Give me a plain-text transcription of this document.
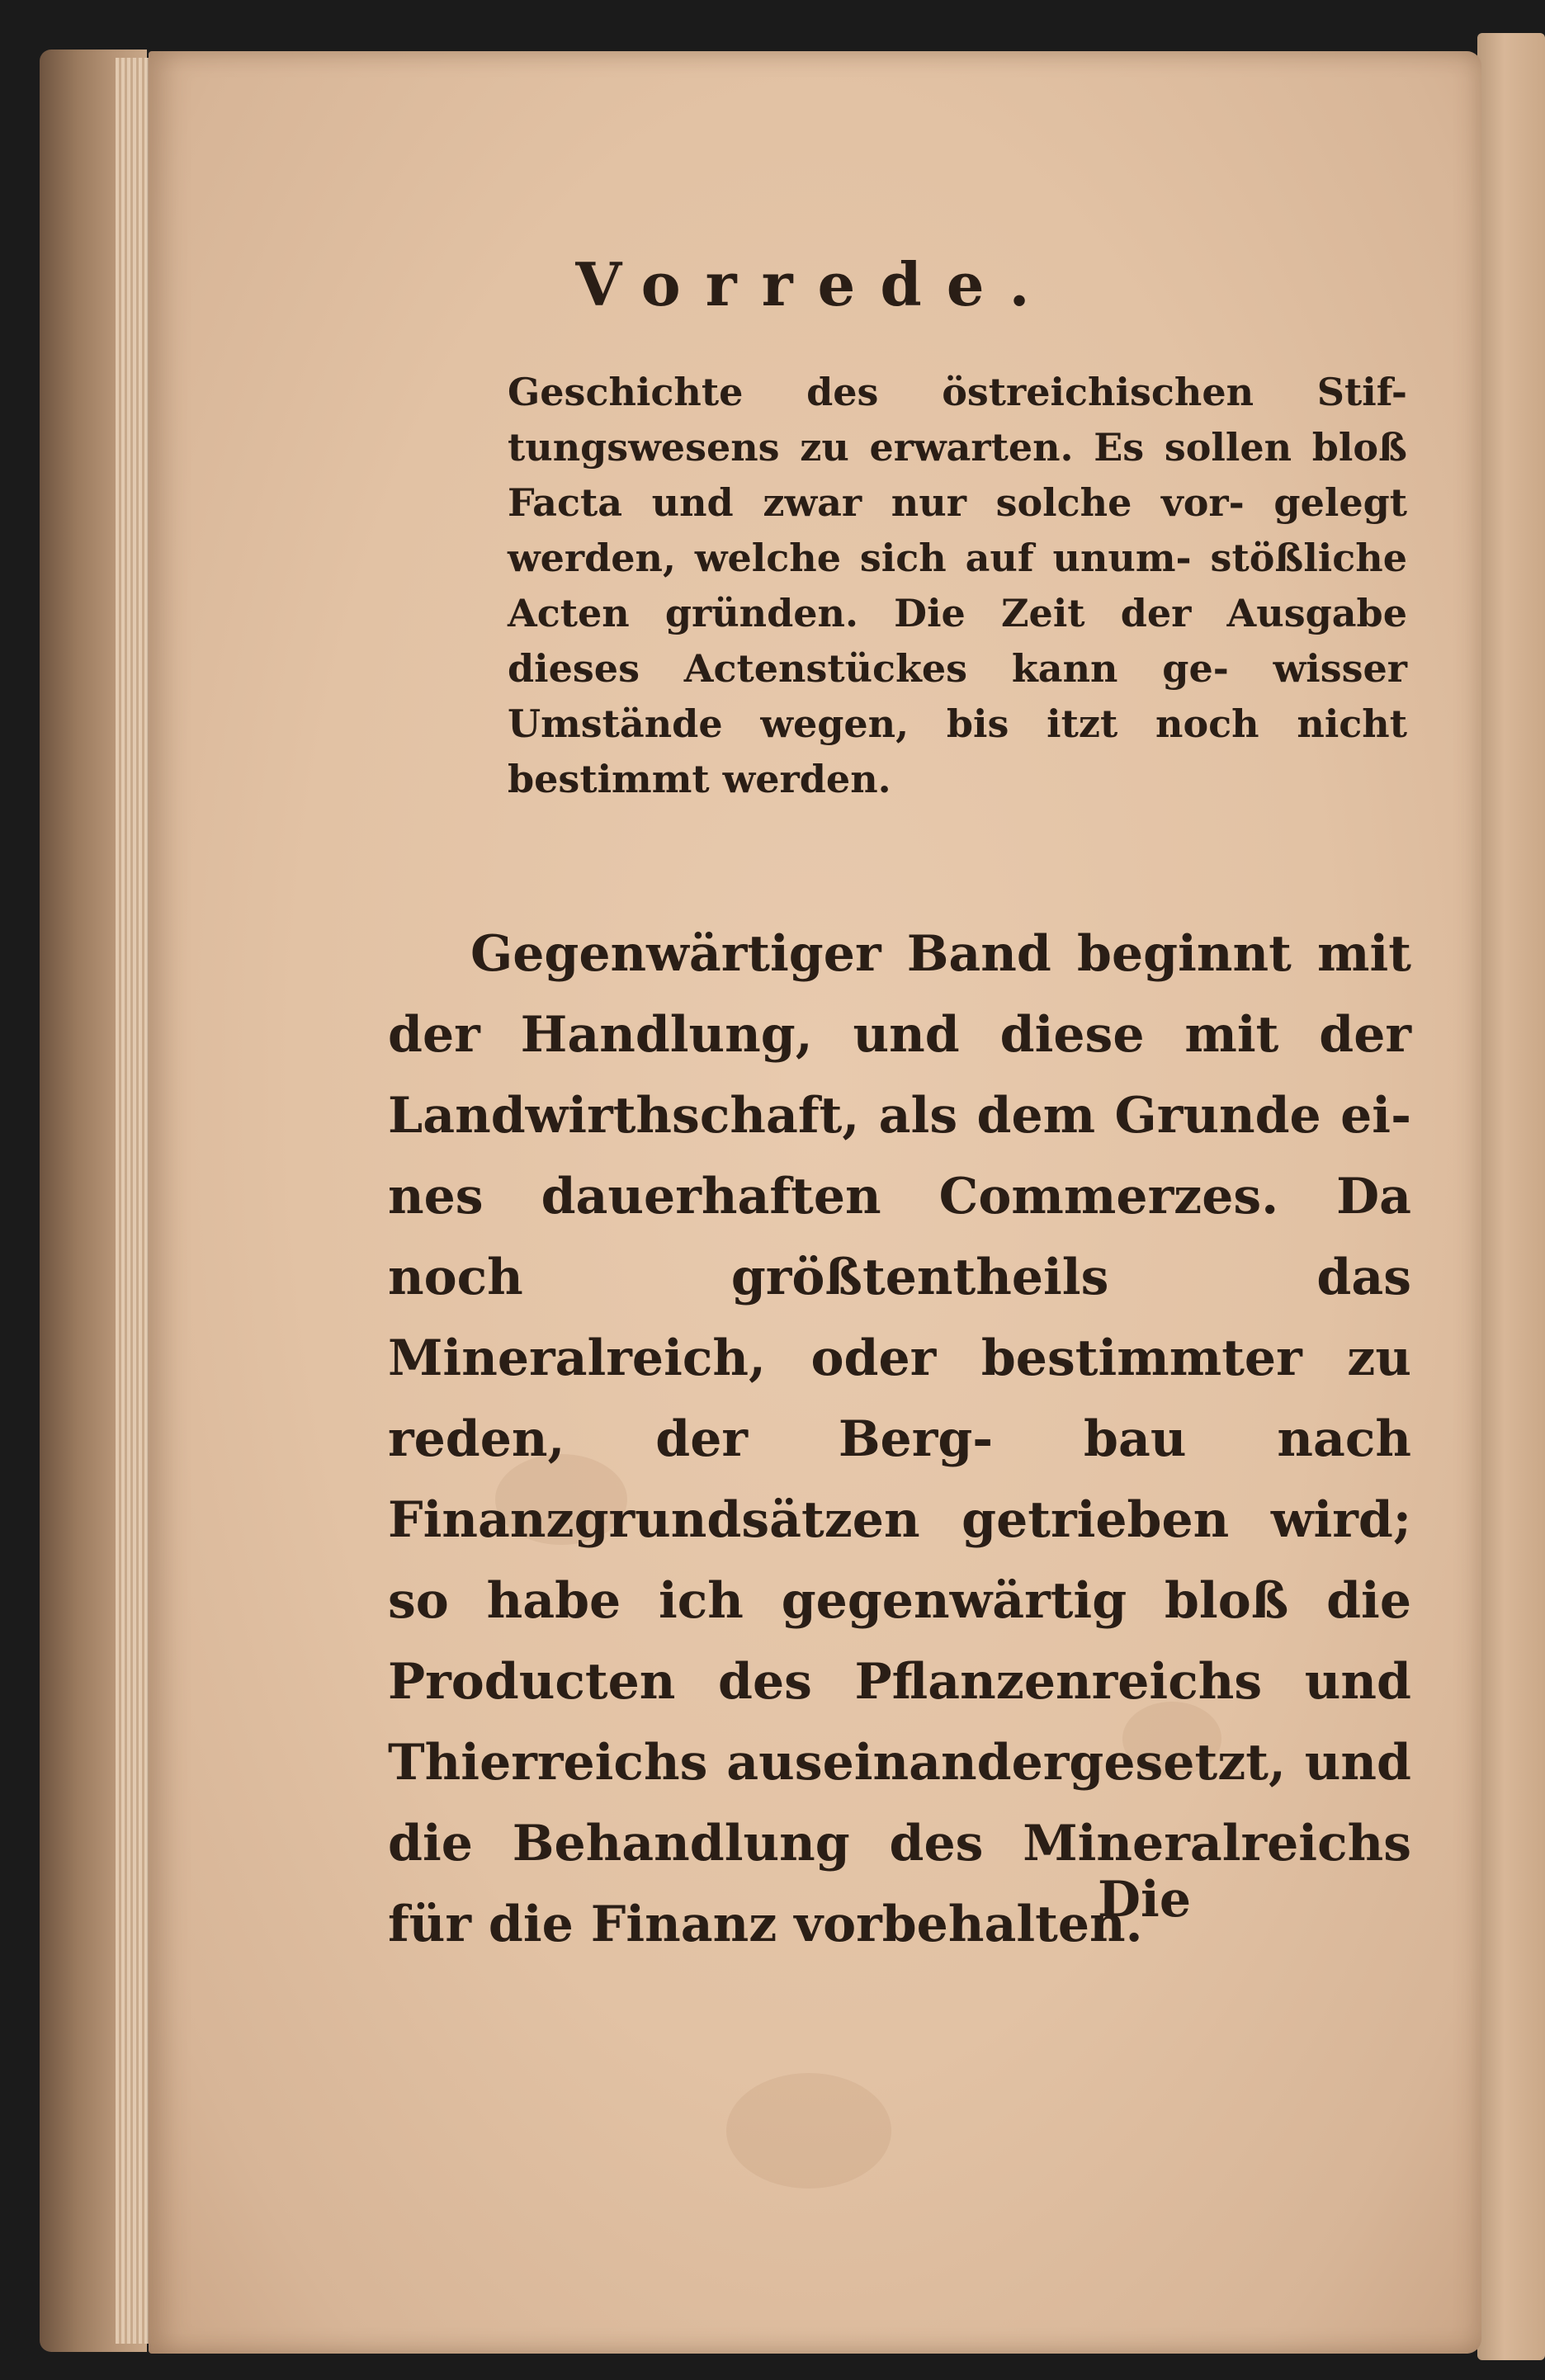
Vorrede.

Geschichte des östreichischen Stif- tungswesens zu erwarten. Es sollen bloß Facta und zwar nur solche vor- gelegt werden, welche sich auf unum- stößliche Acten gründen. Die Zeit der Ausgabe dieses Actenstückes kann ge- wisser Umstände wegen, bis itzt noch nicht bestimmt werden.

Gegenwärtiger Band beginnt mit der Handlung, und diese mit der Landwirthschaft, als dem Grunde ei- nes dauerhaften Commerzes. Da noch größtentheils das Mineralreich, oder bestimmter zu reden, der Berg- bau nach Finanzgrundsätzen getrieben wird; so habe ich gegenwärtig bloß die Producten des Pflanzenreichs und Thierreichs auseinandergesetzt, und die Behandlung des Mineralreichs für die Finanz vorbehalten.

Die
